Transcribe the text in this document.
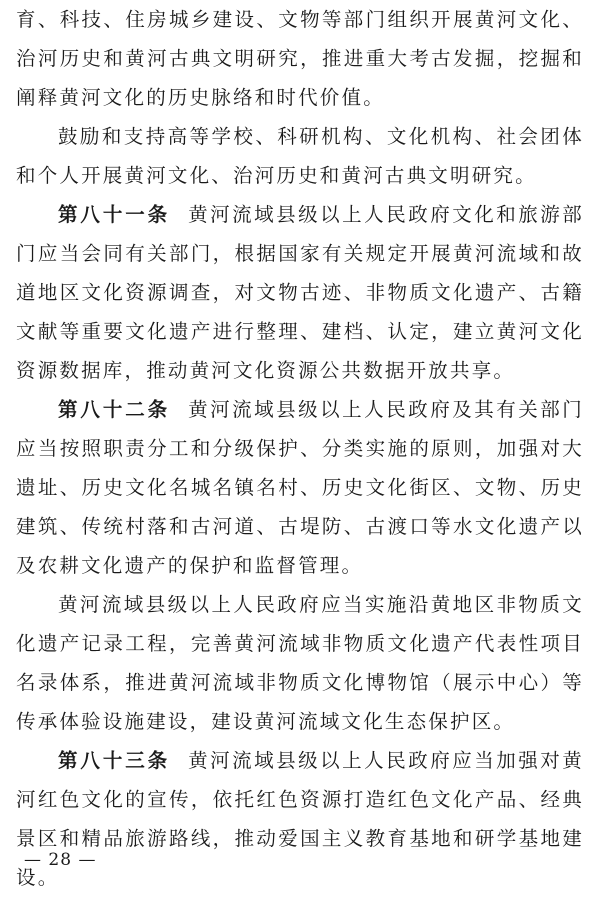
育、科技、住房城乡建设、文物等部门组织开展黄河文化、治河历史和黄河古典文明研究，推进重大考古发掘，挖掘和阐释黄河文化的历史脉络和时代价值。

鼓励和支持高等学校、科研机构、文化机构、社会团体和个人开展黄河文化、治河历史和黄河古典文明研究。

第八十一条 黄河流域县级以上人民政府文化和旅游部门应当会同有关部门，根据国家有关规定开展黄河流域和故道地区文化资源调查，对文物古迹、非物质文化遗产、古籍文献等重要文化遗产进行整理、建档、认定，建立黄河文化资源数据库，推动黄河文化资源公共数据开放共享。

第八十二条 黄河流域县级以上人民政府及其有关部门应当按照职责分工和分级保护、分类实施的原则，加强对大遗址、历史文化名城名镇名村、历史文化街区、文物、历史建筑、传统村落和古河道、古堤防、古渡口等水文化遗产以及农耕文化遗产的保护和监督管理。

黄河流域县级以上人民政府应当实施沿黄地区非物质文化遗产记录工程，完善黄河流域非物质文化遗产代表性项目名录体系，推进黄河流域非物质文化博物馆（展示中心）等传承体验设施建设，建设黄河流域文化生态保护区。

第八十三条 黄河流域县级以上人民政府应当加强对黄河红色文化的宣传，依托红色资源打造红色文化产品、经典景区和精品旅游路线，推动爱国主义教育基地和研学基地建设。

— 28 —
